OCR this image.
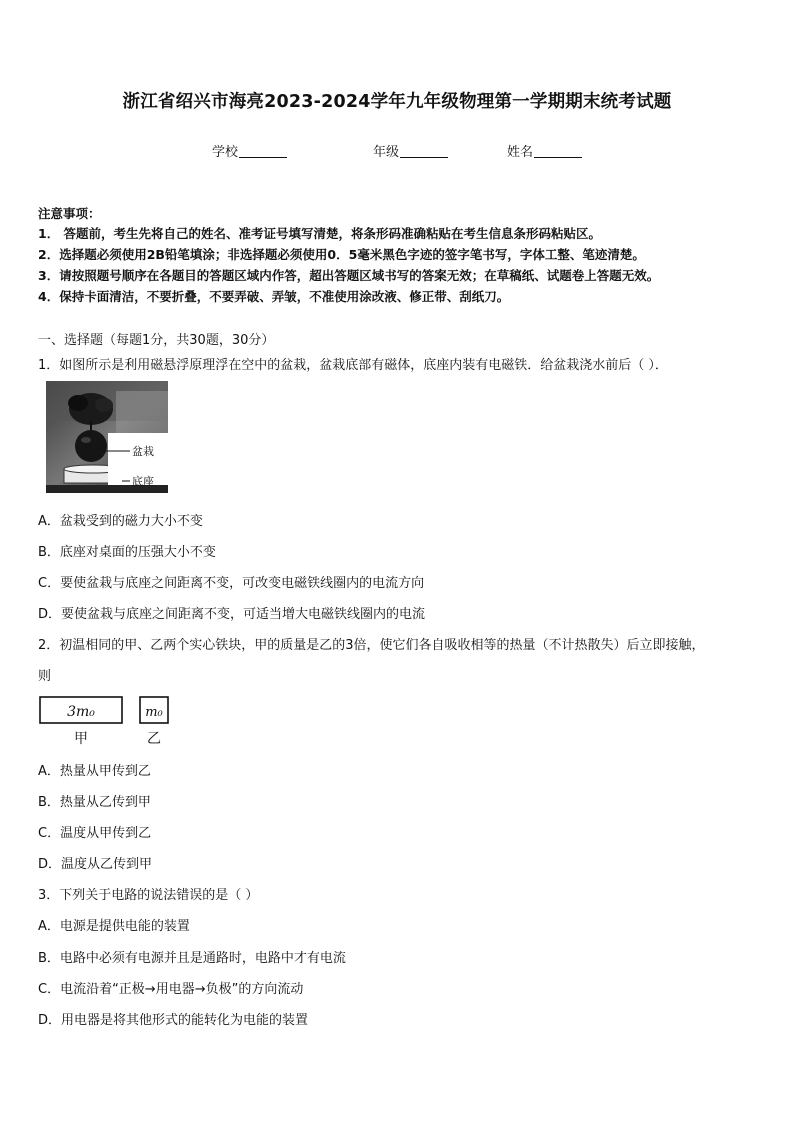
浙江省绍兴市海亮2023-2024学年九年级物理第一学期期末统考试题
学校	年级	姓名
注意事项：
1． 答题前，考生先将自己的姓名、准考证号填写清楚，将条形码准确粘贴在考生信息条形码粘贴区。
2．选择题必须使用2B铅笔填涂；非选择题必须使用0．5毫米黑色字迹的签字笔书写，字体工整、笔迹清楚。
3．请按照题号顺序在各题目的答题区域内作答，超出答题区域书写的答案无效；在草稿纸、试题卷上答题无效。
4．保持卡面清洁，不要折叠，不要弄破、弄皱，不准使用涂改液、修正带、刮纸刀。
一、选择题（每题1分，共30题，30分）
1．如图所示是利用磁悬浮原理浮在空中的盆栽，盆栽底部有磁体，底座内装有电磁铁．给盆栽浇水前后（ ）．
盆栽
底座
A．盆栽受到的磁力大小不变
B．底座对桌面的压强大小不变
C．要使盆栽与底座之间距离不变，可改变电磁铁线圈内的电流方向
D．要使盆栽与底座之间距离不变，可适当增大电磁铁线圈内的电流
2．初温相同的甲、乙两个实心铁块，甲的质量是乙的3倍，使它们各自吸收相等的热量（不计热散失）后立即接触，
则
3m₀	m₀
甲	乙
A．热量从甲传到乙
B．热量从乙传到甲
C．温度从甲传到乙
D．温度从乙传到甲
3．下列关于电路的说法错误的是（ ）
A．电源是提供电能的装置
B．电路中必须有电源并且是通路时，电路中才有电流
C．电流沿着“正极→用电器→负极”的方向流动
D．用电器是将其他形式的能转化为电能的装置
